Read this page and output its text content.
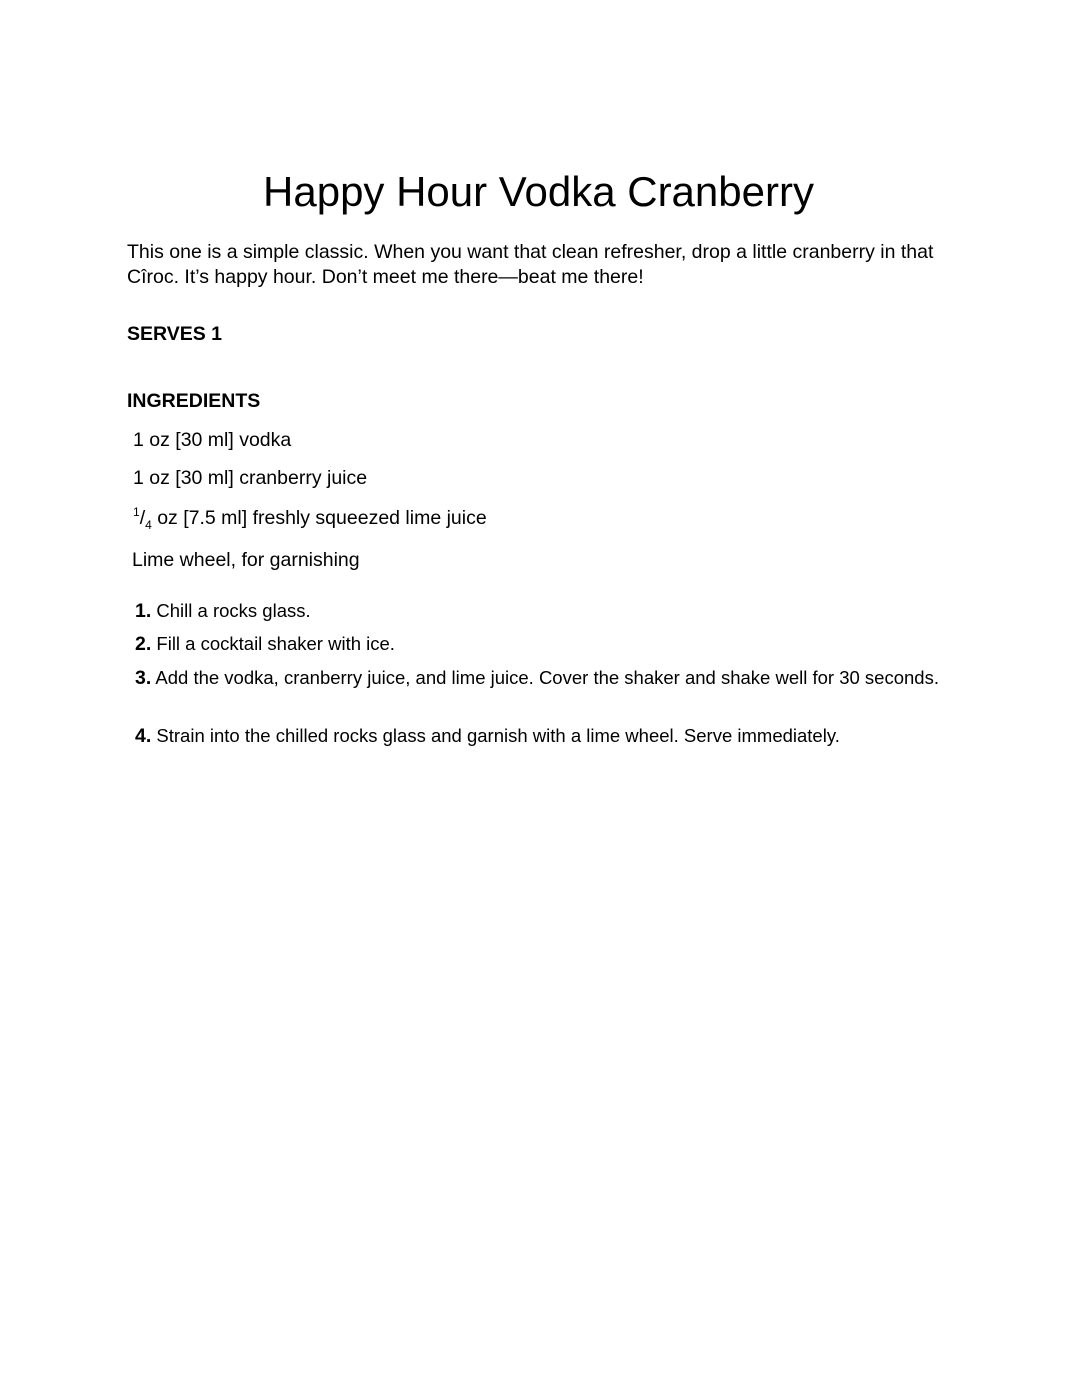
Happy Hour Vodka Cranberry

This one is a simple classic. When you want that clean refresher, drop a little cranberry in that Cîroc. It’s happy hour. Don’t meet me there—beat me there!

SERVES 1

INGREDIENTS

1 oz [30 ml] vodka
1 oz [30 ml] cranberry juice
$^1/_4$ oz [7.5 ml] freshly squeezed lime juice
Lime wheel, for garnishing
1. Chill a rocks glass.
2. Fill a cocktail shaker with ice.
3. Add the vodka, cranberry juice, and lime juice. Cover the shaker and shake well for 30 seconds.
4. Strain into the chilled rocks glass and garnish with a lime wheel. Serve immediately.
